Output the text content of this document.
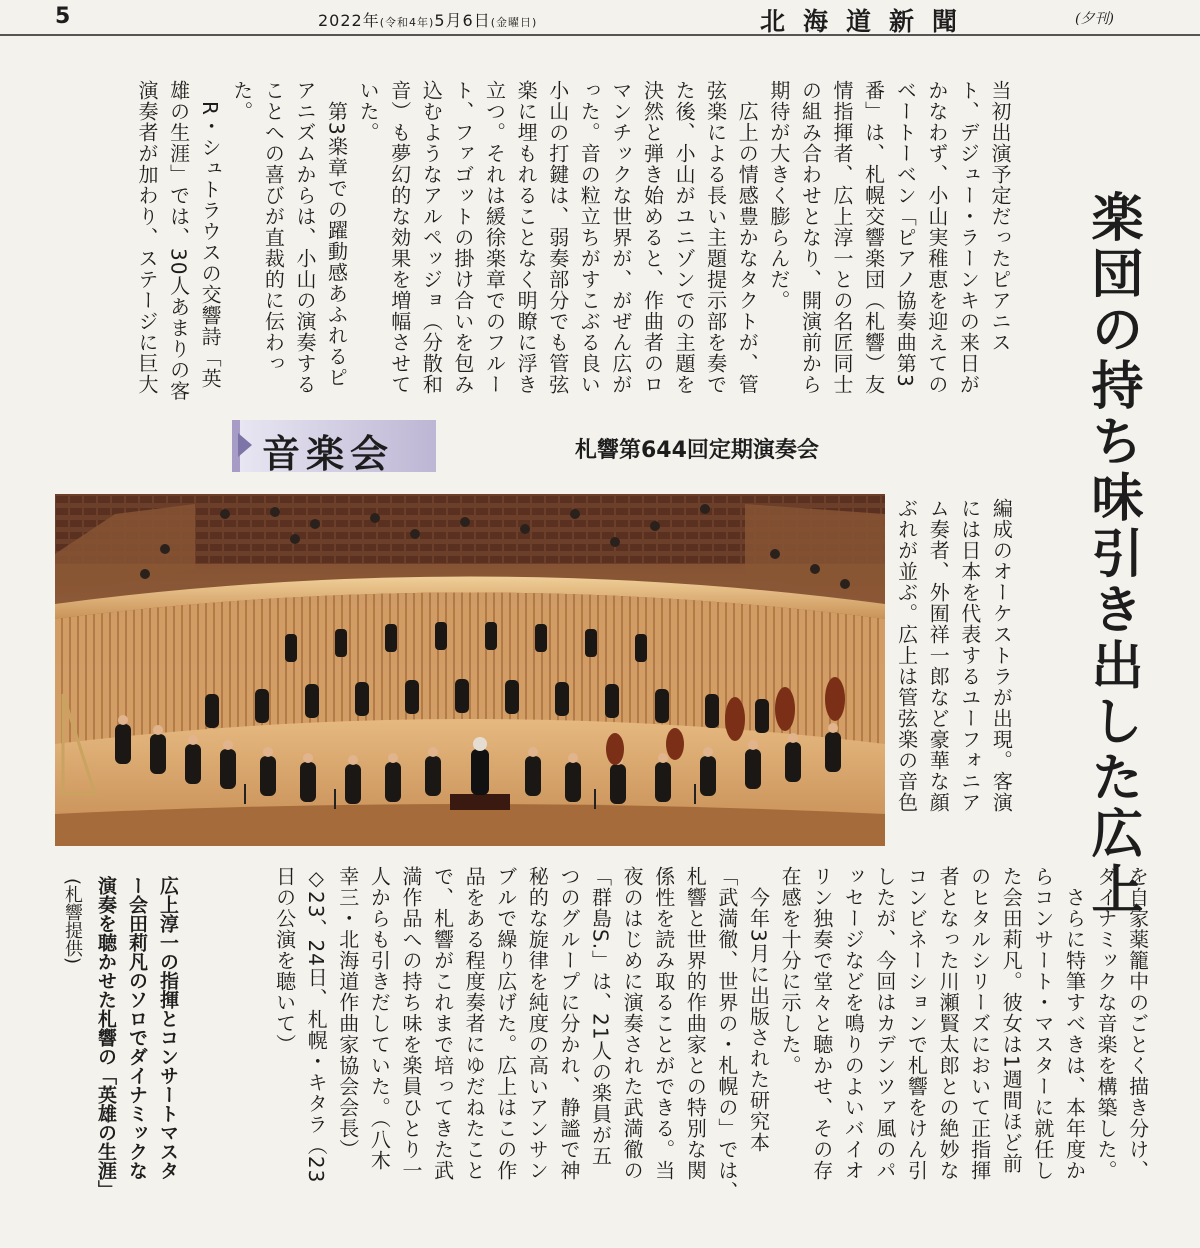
5	2022年(令和4年)5月6日(金曜日)	北海道新聞	(夕刊)
楽団の持ち味引き出した広上
当初出演予定だったピアニス
ト、デジュー・ラーンキの来日が
かなわず、小山実稚恵を迎えての
ベートーベン「ピアノ協奏曲第3
番」は、札幌交響楽団（札響）友
情指揮者、広上淳一との名匠同士
の組み合わせとなり、開演前から
期待が大きく膨らんだ。
　広上の情感豊かなタクトが、管
弦楽による長い主題提示部を奏で
た後、小山がユニゾンでの主題を
決然と弾き始めると、作曲者のロ
マンチックな世界が、がぜん広が
った。音の粒立ちがすこぶる良い
小山の打鍵は、弱奏部分でも管弦
楽に埋もれることなく明瞭に浮き
立つ。それは緩徐楽章でのフルー
ト、ファゴットの掛け合いを包み
込むようなアルペッジョ（分散和
音）も夢幻的な効果を増幅させて
いた。
　第3楽章での躍動感あふれるピ
アニズムからは、小山の演奏する
ことへの喜びが直裁的に伝わっ
た。
　R・シュトラウスの交響詩「英
雄の生涯」では、30人あまりの客
演奏者が加わり、ステージに巨大
音楽会	札響第644回定期演奏会
編成のオーケストラが出現。客演
には日本を代表するユーフォニア
ム奏者、外囿祥一郎など豪華な顔
ぶれが並ぶ。広上は管弦楽の音色
を自家薬籠中のごとく描き分け、
ダイナミックな音楽を構築した。
　さらに特筆すべきは、本年度か
らコンサート・マスターに就任し
た会田莉凡。彼女は1週間ほど前
のヒタルシリーズにおいて正指揮
者となった川瀬賢太郎との絶妙な
コンビネーションで札響をけん引
したが、今回はカデンツァ風のパ
ッセージなどを鳴りのよいバイオ
リン独奏で堂々と聴かせ、その存
在感を十分に示した。
　今年3月に出版された研究本
「武満徹、世界の・札幌の」では、
札響と世界的作曲家との特別な関
係性を読み取ることができる。当
夜のはじめに演奏された武満徹の
「群島S.」は、21人の楽員が五
つのグループに分かれ、静謐で神
秘的な旋律を純度の高いアンサン
ブルで繰り広げた。広上はこの作
品をある程度奏者にゆだねたこと
で、札響がこれまで培ってきた武
満作品への持ち味を楽員ひとり一
人からも引きだしていた。（八木
幸三・北海道作曲家協会会長）
◇23、24日、札幌・キタラ（23
日の公演を聴いて）
広上淳一の指揮とコンサートマスタ
ー会田莉凡のソロでダイナミックな
演奏を聴かせた札響の「英雄の生涯」
(札響提供)
